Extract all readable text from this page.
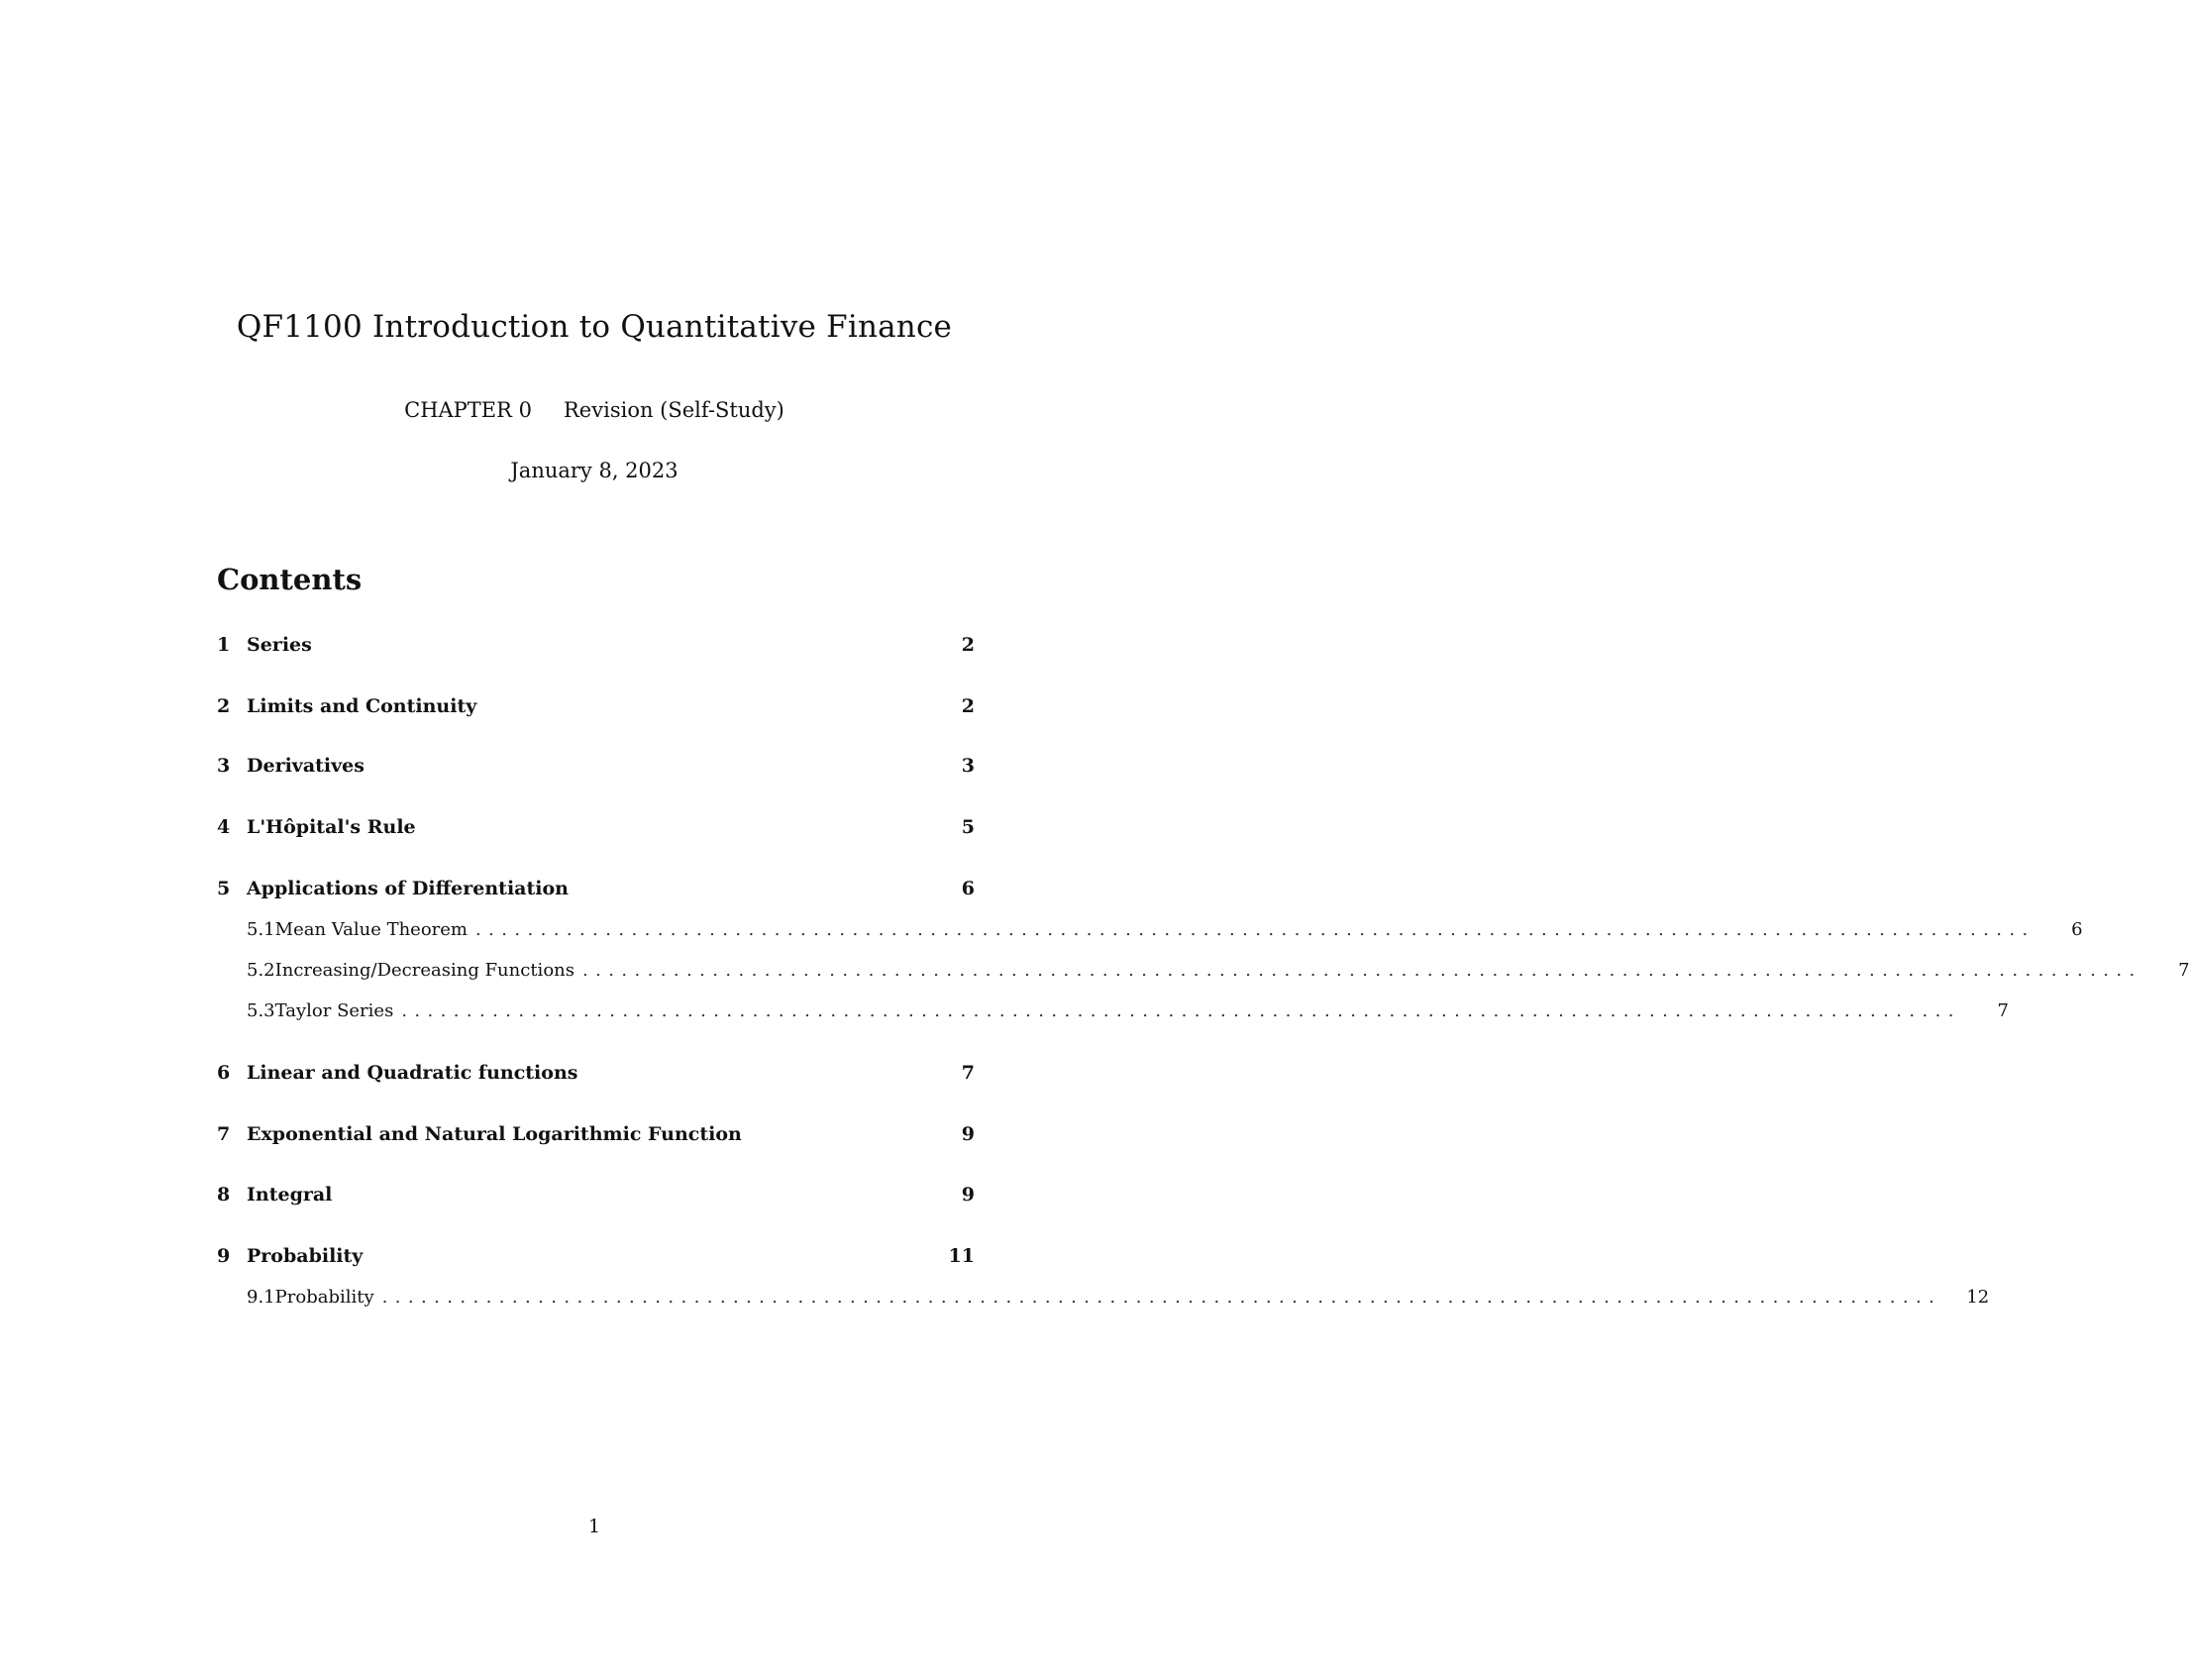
QF1100 Introduction to Quantitative Finance
CHAPTER 0 Revision (Self-Study)
January 8, 2023
Contents
1 Series	2
2 Limits and Continuity	2
3 Derivatives	3
4 L'Hôpital's Rule	5
5 Applications of Differentiation	6
5.1 Mean Value Theorem ........................................................................................................................	6
5.2 Increasing/Decreasing Functions ........................................................................................................................	7
5.3 Taylor Series ........................................................................................................................	7
6 Linear and Quadratic functions	7
7 Exponential and Natural Logarithmic Function	9
8 Integral	9
9 Probability	11
9.1 Probability ........................................................................................................................	12
1
